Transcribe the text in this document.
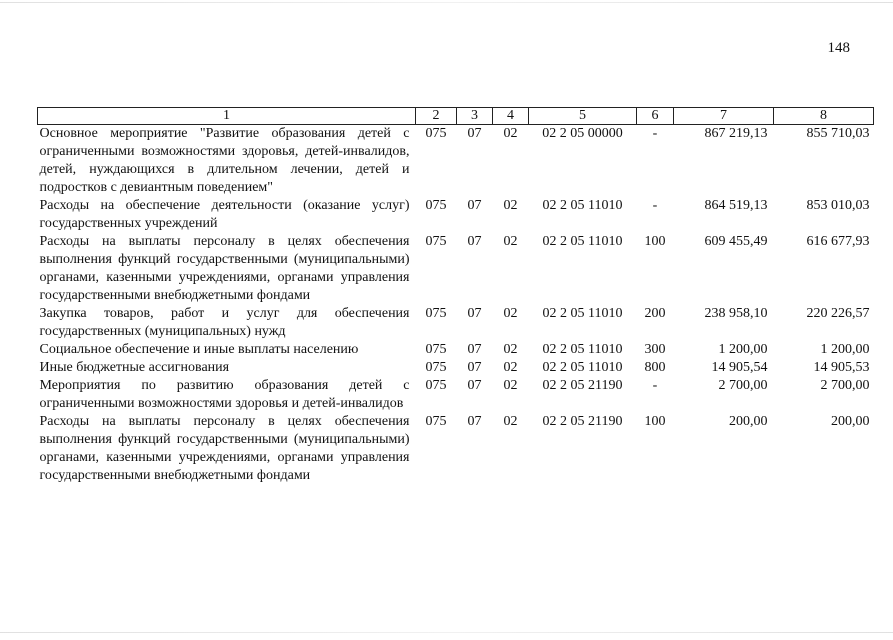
148
1	2	3	4	5	6	7	8
Основное мероприятие "Развитие образования детей с ограниченными возможностями здоровья, детей-инвалидов, детей, нуждающихся в длительном лечении, детей и подростков с девиантным поведением"	075	07	02	02 2 05 00000	-	867 219,13	855 710,03
Расходы на обеспечение деятельности (оказание услуг) государственных учреждений	075	07	02	02 2 05 11010	-	864 519,13	853 010,03
Расходы на выплаты персоналу в целях обеспечения выполнения функций государственными (муниципальными) органами, казенными учреждениями, органами управления государственными внебюджетными фондами	075	07	02	02 2 05 11010	100	609 455,49	616 677,93
Закупка товаров, работ и услуг для обеспечения государственных (муниципальных) нужд	075	07	02	02 2 05 11010	200	238 958,10	220 226,57
Социальное обеспечение и иные выплаты населению	075	07	02	02 2 05 11010	300	1 200,00	1 200,00
Иные бюджетные ассигнования	075	07	02	02 2 05 11010	800	14 905,54	14 905,53
Мероприятия по развитию образования детей с ограниченными возможностями здоровья и детей-инвалидов	075	07	02	02 2 05 21190	-	2 700,00	2 700,00
Расходы на выплаты персоналу в целях обеспечения выполнения функций государственными (муниципальными) органами, казенными учреждениями, органами управления государственными внебюджетными фондами	075	07	02	02 2 05 21190	100	200,00	200,00
